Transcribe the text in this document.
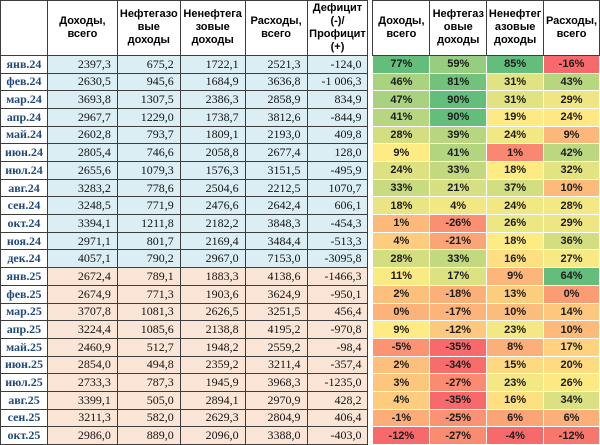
	Доходы, всего	Нефтегазовые доходы	Ненефтегазовые доходы	Расходы, всего	Дефицит (-)/Профицит (+)		Доходы, всего	Нефтегазовые доходы	Ненефтегазовые доходы	Расходы, всего
янв.24	2397,3	675,2	1722,1	2521,3	-124,0		77%	59%	85%	-16%
фев.24	2630,5	945,6	1684,9	3636,8	-1 006,3		46%	81%	31%	43%
мар.24	3693,8	1307,5	2386,3	2858,9	834,9		47%	90%	31%	29%
апр.24	2967,7	1229,0	1738,7	3812,6	-844,9		41%	90%	19%	24%
май.24	2602,8	793,7	1809,1	2193,0	409,8		28%	39%	24%	9%
июн.24	2805,4	746,6	2058,8	2677,4	128,0		9%	41%	1%	42%
июл.24	2655,6	1079,3	1576,3	3151,5	-495,9		24%	33%	18%	32%
авг.24	3283,2	778,6	2504,6	2212,5	1070,7		33%	21%	37%	10%
сен.24	3248,5	771,9	2476,6	2642,4	606,1		18%	4%	24%	28%
окт.24	3394,1	1211,8	2182,2	3848,3	-454,3		1%	-26%	26%	29%
ноя.24	2971,1	801,7	2169,4	3484,4	-513,3		4%	-21%	18%	36%
дек.24	4057,1	790,2	2967,0	7153,0	-3095,8		28%	33%	16%	27%
янв.25	2672,4	789,1	1883,3	4138,6	-1466,3		11%	17%	9%	64%
фев.25	2674,9	771,3	1903,6	3624,9	-950,1		2%	-18%	13%	0%
мар.25	3707,8	1081,3	2626,5	3251,5	456,4		0%	-17%	10%	14%
апр.25	3224,4	1085,6	2138,8	4195,2	-970,8		9%	-12%	23%	10%
май.25	2460,9	512,7	1948,2	2559,2	-98,4		-5%	-35%	8%	17%
июн.25	2854,0	494,8	2359,2	3211,4	-357,4		2%	-34%	15%	20%
июл.25	2733,3	787,3	1945,9	3968,3	-1235,0		3%	-27%	23%	26%
авг.25	3399,1	505,0	2894,1	2970,9	428,2		4%	-35%	16%	34%
сен.25	3211,3	582,0	2629,3	2804,9	406,4		-1%	-25%	6%	6%
окт.25	2986,0	889,0	2096,0	3388,0	-403,0		-12%	-27%	-4%	-12%
